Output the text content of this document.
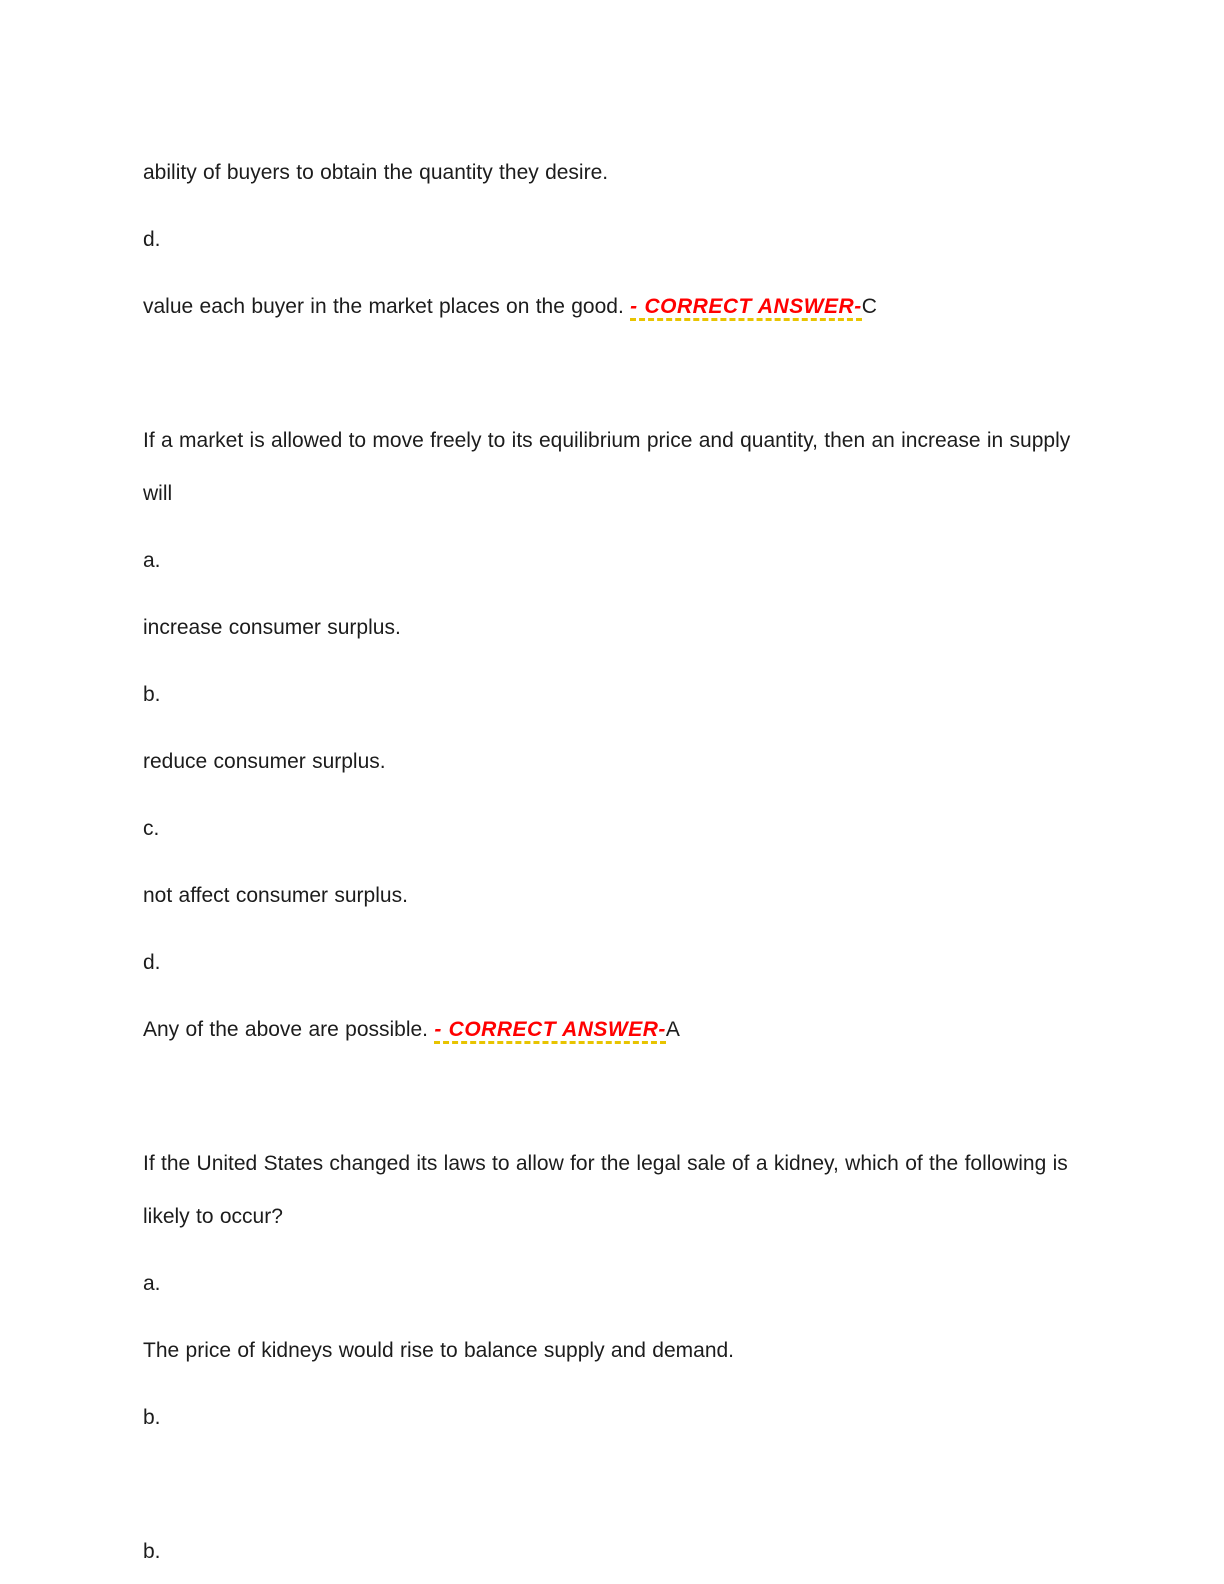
ability of buyers to obtain the quantity they desire.

d.

value each buyer in the market places on the good. - CORRECT ANSWER-C

If a market is allowed to move freely to its equilibrium price and quantity, then an increase in supply will

a.

increase consumer surplus.

b.

reduce consumer surplus.

c.

not affect consumer surplus.

d.

Any of the above are possible. - CORRECT ANSWER-A

If the United States changed its laws to allow for the legal sale of a kidney, which of the following is likely to occur?

a.

The price of kidneys would rise to balance supply and demand.

b.

b.
